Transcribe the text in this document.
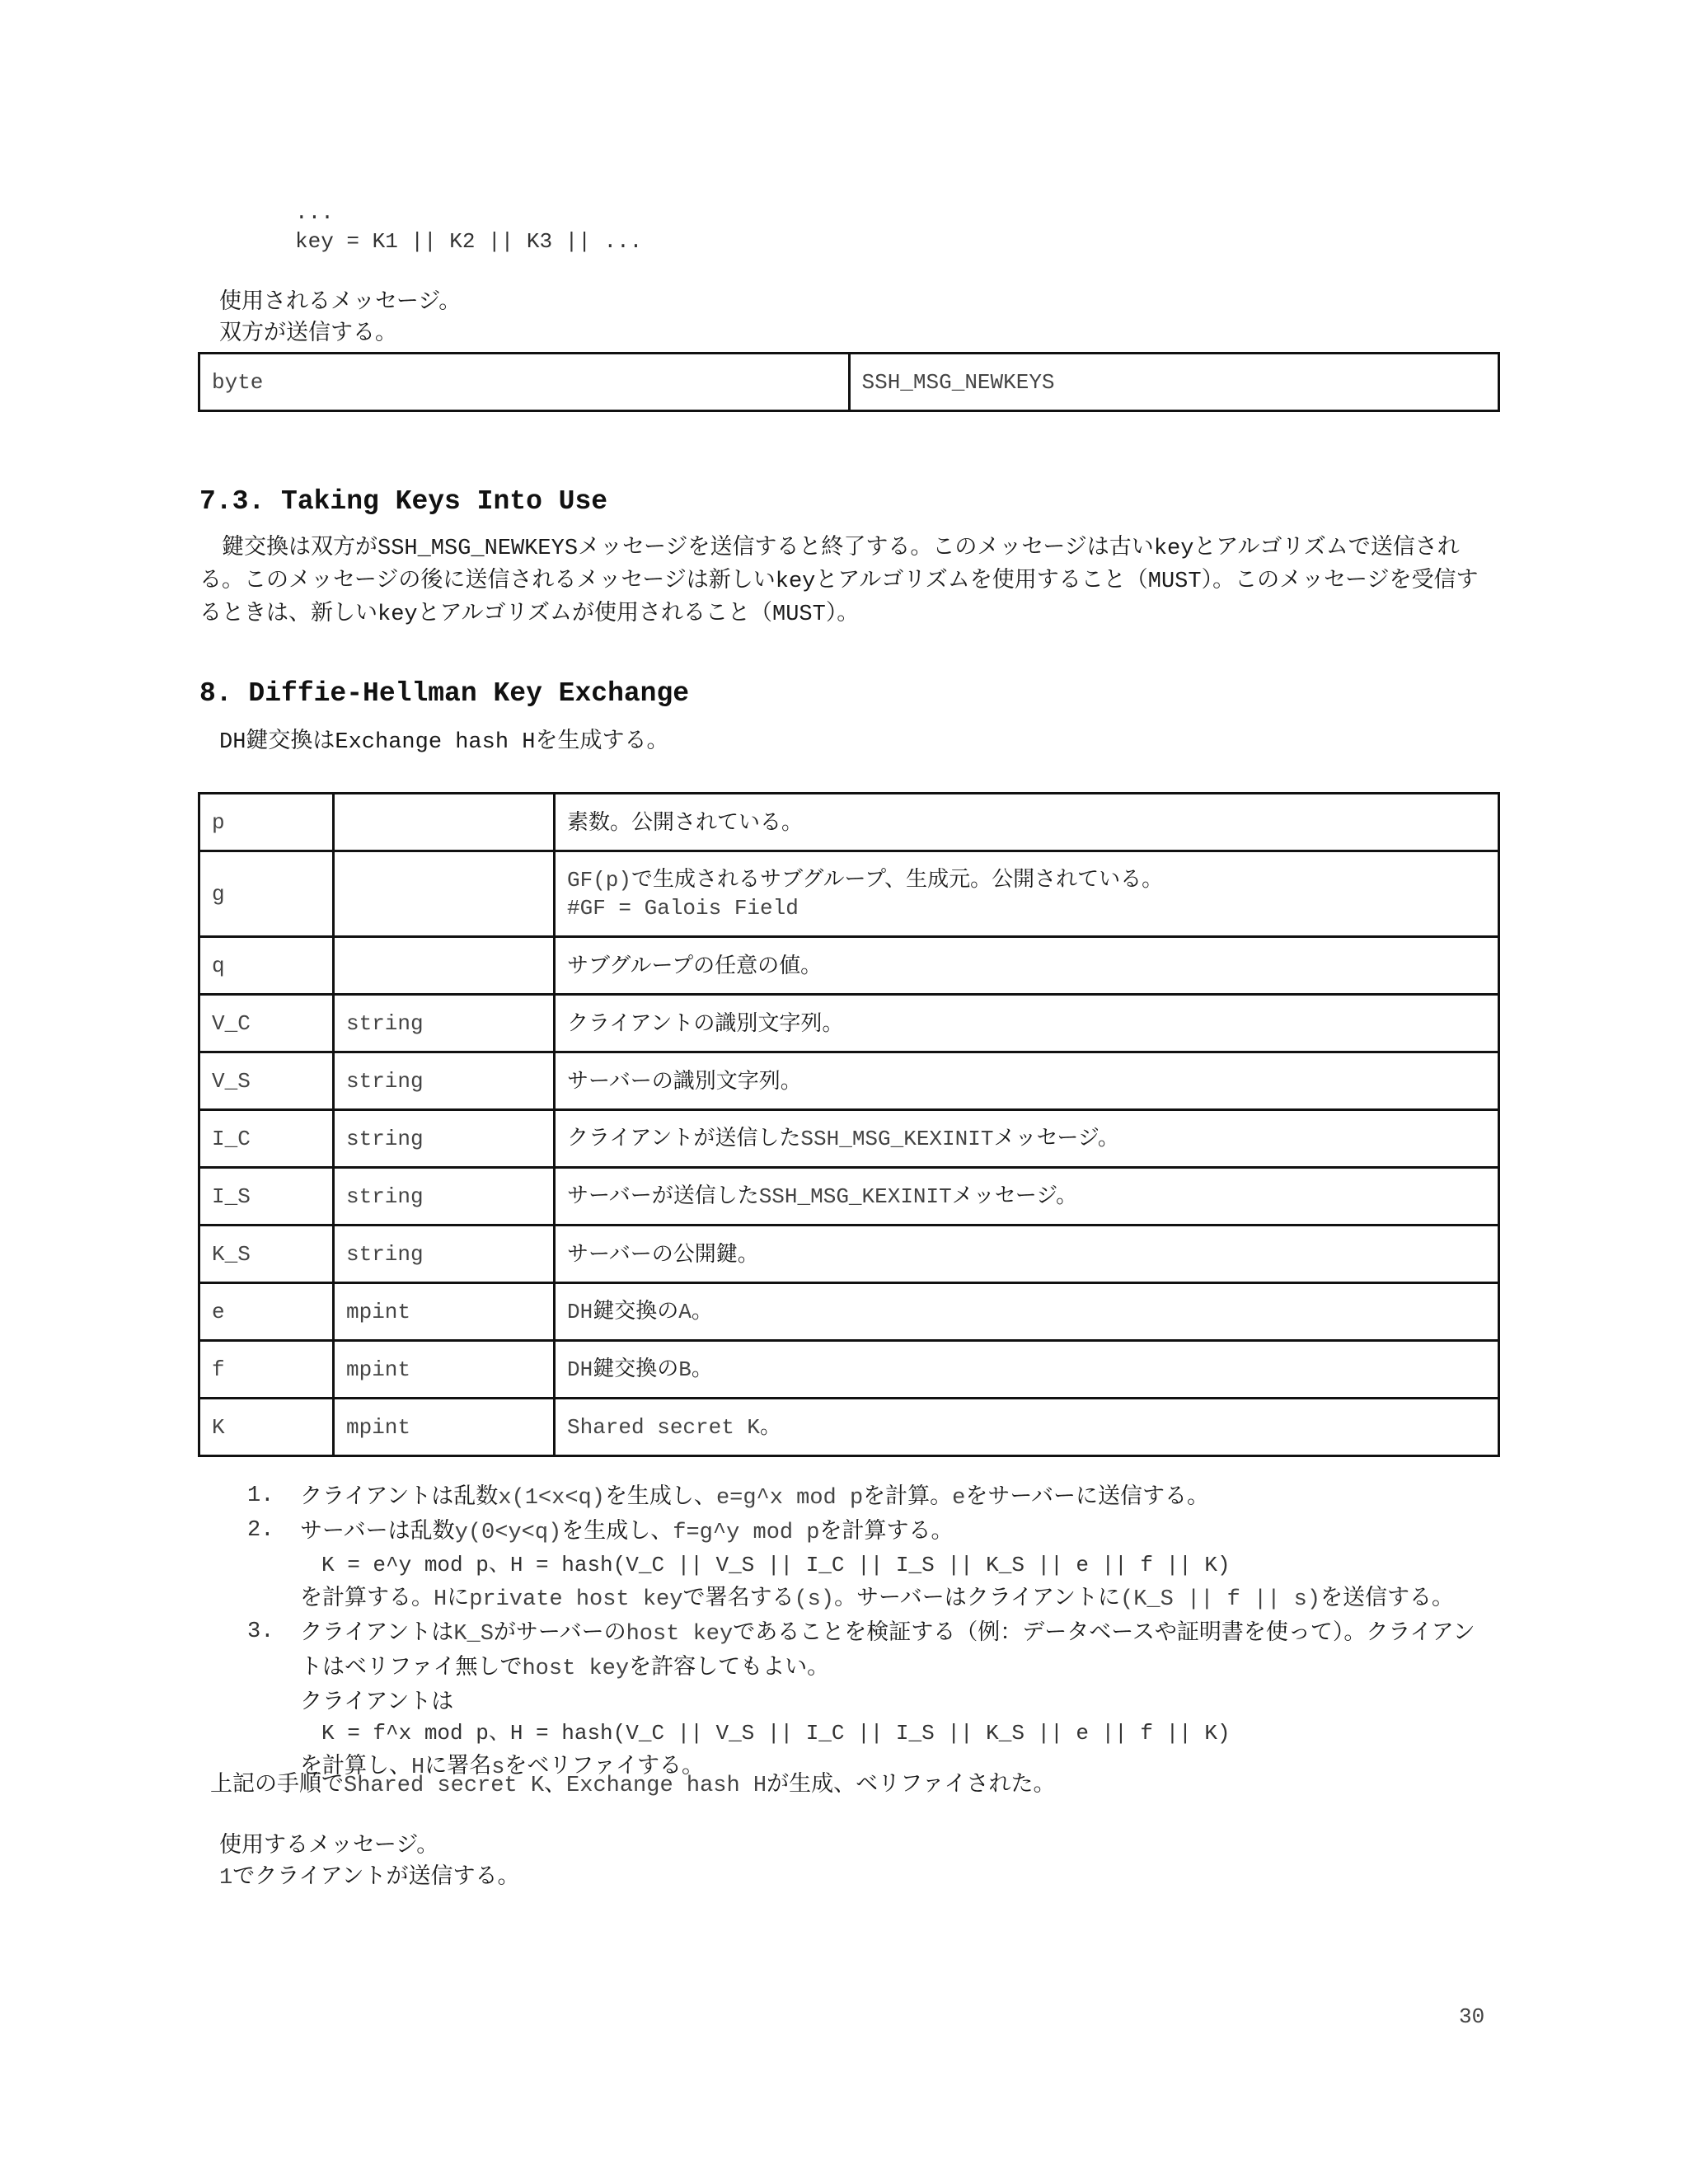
...
key = K1 || K2 || K3 || ...
使用されるメッセージ。
双方が送信する。
byte	SSH_MSG_NEWKEYS
7.3. Taking Keys Into Use
鍵交換は双方がSSH_MSG_NEWKEYSメッセージを送信すると終了する。このメッセージは古いkeyとアルゴリズムで送信され
る。このメッセージの後に送信されるメッセージは新しいkeyとアルゴリズムを使用すること（MUST）。このメッセージを受信す
るときは、新しいkeyとアルゴリズムが使用されること（MUST）。
8. Diffie-Hellman Key Exchange
DH鍵交換はExchange hash Hを生成する。
p		素数。公開されている。
g		GF(p)で生成されるサブグループ、生成元。公開されている。
#GF = Galois Field

q		サブグループの任意の値。
V_C	string	クライアントの識別文字列。
V_S	string	サーバーの識別文字列。
I_C	string	クライアントが送信したSSH_MSG_KEXINITメッセージ。
I_S	string	サーバーが送信したSSH_MSG_KEXINITメッセージ。
K_S	string	サーバーの公開鍵。
e	mpint	DH鍵交換のA。
f	mpint	DH鍵交換のB。
K	mpint	Shared secret K。
1.	クライアントは乱数x(1<x<q)を生成し、e=g^x mod pを計算。eをサーバーに送信する。
2.	サーバーは乱数y(0<y<q)を生成し、f=g^y mod pを計算する。
K = e^y mod p、H = hash(V_C || V_S || I_C || I_S || K_S || e || f || K)
を計算する。Hにprivate host keyで署名する(s)。サーバーはクライアントに(K_S || f || s)を送信する。
3.	クライアントはK_Sがサーバーのhost keyであることを検証する（例：データベースや証明書を使って）。クライアン
トはベリファイ無しでhost keyを許容してもよい。
クライアントは
K = f^x mod p、H = hash(V_C || V_S || I_C || I_S || K_S || e || f || K)
を計算し、Hに署名sをベリファイする。
上記の手順でShared secret K、Exchange hash Hが生成、ベリファイされた。
使用するメッセージ。
1でクライアントが送信する。
30
